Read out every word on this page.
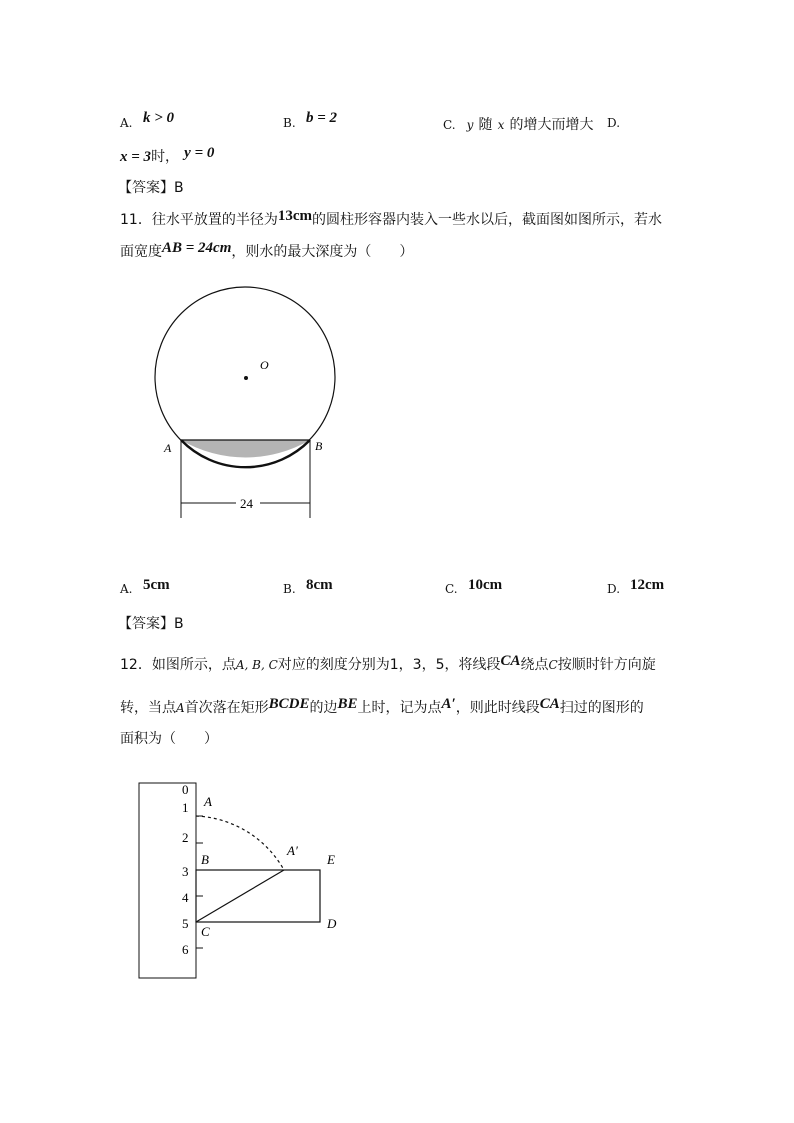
A. k > 0	B. b = 2	C. y 随 x 的增大而增大 D.
x = 3时， y = 0
【答案】B
11．往水平放置的半径为13cm的圆柱形容器内装入一些水以后，截面图如图所示，若水
面宽度AB = 24cm，则水的最大深度为（　　）
O
A	B
24
A. 5cm	B. 8cm	C. 10cm	D. 12cm
【答案】B
12．如图所示，点A, B, C对应的刻度分别为1，3，5，将线段CA绕点C按顺时针方向旋
转，当点A首次落在矩形BCDE的边BE上时，记为点A′，则此时线段CA扫过的图形的
面积为（　　）
0
1
2
3
4
5
6
A
A′
B
C
D
E
